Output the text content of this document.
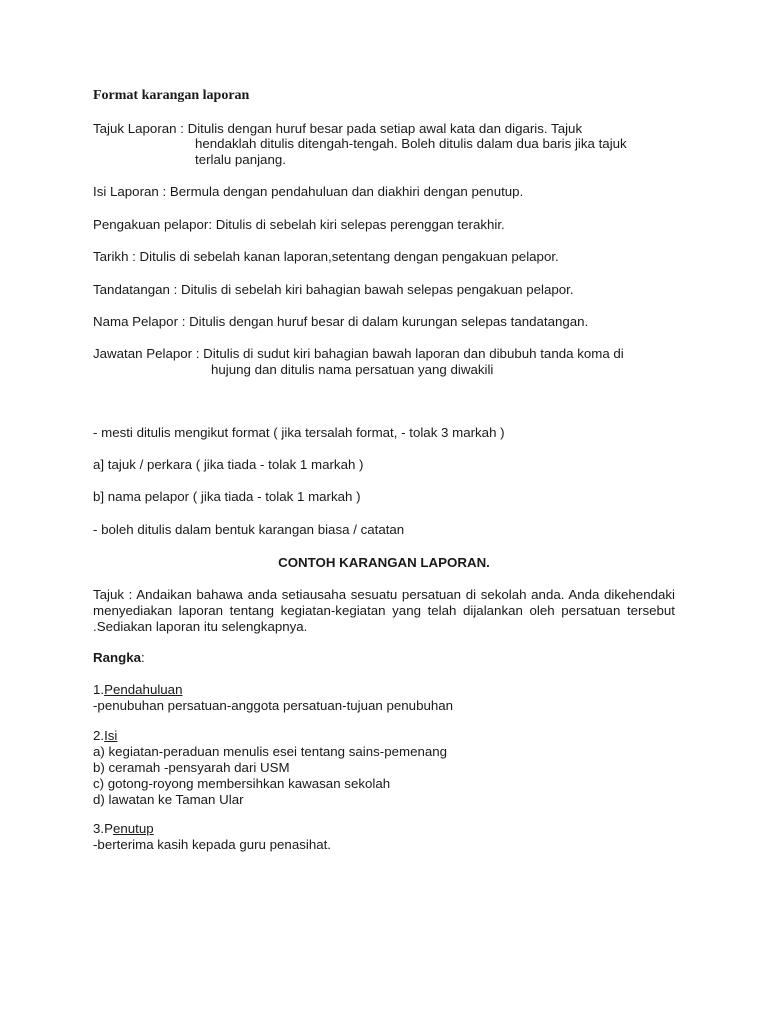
Format karangan laporan
Tajuk Laporan : Ditulis dengan huruf besar pada setiap awal kata dan digaris. Tajuk
hendaklah ditulis ditengah-tengah. Boleh ditulis dalam dua baris jika tajuk
terlalu panjang.
Isi Laporan : Bermula dengan pendahuluan dan diakhiri dengan penutup.
Pengakuan pelapor: Ditulis di sebelah kiri selepas perenggan terakhir.
Tarikh : Ditulis di sebelah kanan laporan,setentang dengan pengakuan pelapor.
Tandatangan : Ditulis di sebelah kiri bahagian bawah selepas pengakuan pelapor.
Nama Pelapor : Ditulis dengan huruf besar di dalam kurungan selepas tandatangan.
Jawatan Pelapor : Ditulis di sudut kiri bahagian bawah laporan dan dibubuh tanda koma di
hujung dan ditulis nama persatuan yang diwakili
- mesti ditulis mengikut format ( jika tersalah format, - tolak 3 markah )
a] tajuk / perkara ( jika tiada - tolak 1 markah )
b] nama pelapor ( jika tiada - tolak 1 markah )
- boleh ditulis dalam bentuk karangan biasa / catatan
CONTOH KARANGAN LAPORAN.
Tajuk : Andaikan bahawa anda setiausaha sesuatu persatuan di sekolah anda. Anda dikehendaki menyediakan laporan tentang kegiatan-kegiatan yang telah dijalankan oleh persatuan tersebut .Sediakan laporan itu selengkapnya.
Rangka:
1.Pendahuluan
-penubuhan persatuan-anggota persatuan-tujuan penubuhan
2.Isi
a) kegiatan-peraduan menulis esei tentang sains-pemenang
b) ceramah -pensyarah dari USM
c) gotong-royong membersihkan kawasan sekolah
d) lawatan ke Taman Ular
3.Penutup
-berterima kasih kepada guru penasihat.
